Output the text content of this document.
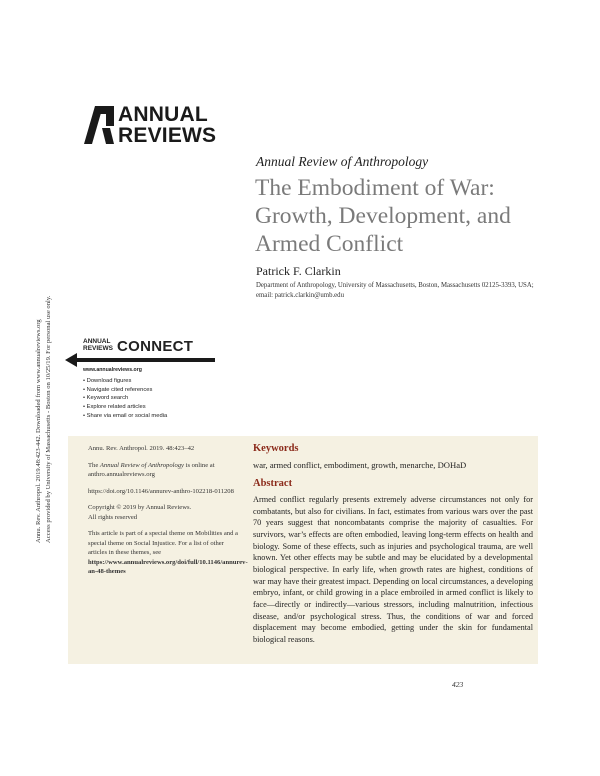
ANNUAL
REVIEWS
Annu. Rev. Anthropol. 2019.48:423-442. Downloaded from www.annualreviews.org Access provided by University of Massachusetts - Boston on 10/25/19. For personal use only.
Annual Review of Anthropology
The Embodiment of War: Growth, Development, and Armed Conflict
Patrick F. Clarkin
Department of Anthropology, University of Massachusetts, Boston, Massachusetts 02125-3393, USA; email: patrick.clarkin@umb.edu
ANNUAL
REVIEWS CONNECT
www.annualreviews.org
• Download figures
• Navigate cited references
• Keyword search
• Explore related articles
• Share via email or social media

Annu. Rev. Anthropol. 2019. 48:423–42

The Annual Review of Anthropology is online at anthro.annualreviews.org

https://doi.org/10.1146/annurev-anthro-102218-011208

Copyright © 2019 by Annual Reviews.
All rights reserved

This article is part of a special theme on Mobilities and a special theme on Social Injustice. For a list of other articles in these themes, see https://www.annualreviews.org/doi/full/10.1146/annurev-an-48-themes

Keywords
war, armed conflict, embodiment, growth, menarche, DOHaD
Abstract

Armed conflict regularly presents extremely adverse circumstances not only for combatants, but also for civilians. In fact, estimates from various wars over the past 70 years suggest that noncombatants comprise the majority of casualties. For survivors, war’s effects are often embodied, leaving long-term effects on health and biology. Some of these effects, such as injuries and psychological trauma, are well known. Yet other effects may be subtle and may be elucidated by a developmental biological perspective. In early life, when growth rates are highest, conditions of war may have their greatest impact. Depending on local circumstances, a developing embryo, infant, or child growing in a place embroiled in armed conflict is likely to face—directly or indirectly—various stressors, including malnutrition, infectious disease, and/or psychological stress. Thus, the conditions of war and forced displacement may become embodied, getting under the skin for fundamental biological reasons.

423
